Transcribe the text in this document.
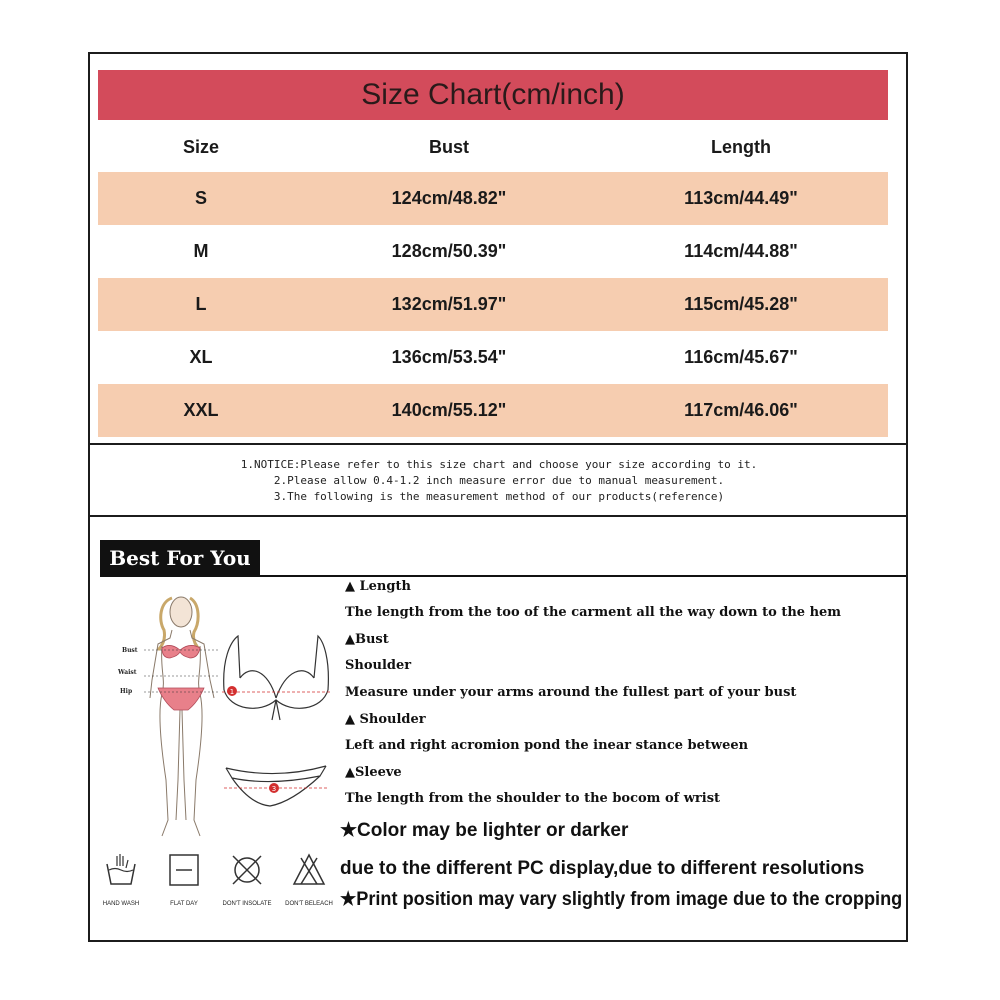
Size Chart(cm/inch)
Size	Bust	Length
S	124cm/48.82"	113cm/44.49"
M	128cm/50.39"	114cm/44.88"
L	132cm/51.97"	115cm/45.28"
XL	136cm/53.54"	116cm/45.67"
XXL	140cm/55.12"	117cm/46.06"
1.NOTICE:Please refer to this size chart and choose your size according to it.
2.Please allow 0.4-1.2 inch measure error due to manual measurement.
3.The following is the measurement method of our products(reference)
Best For You
Bust
Waist
Hip	1
3
▲ Length
The length from the too of the carment all the way down to the hem
▲Bust
Shoulder
Measure under your arms around the fullest part of your bust
▲ Shoulder
Left and right acromion pond the inear stance between
▲Sleeve
The length from the shoulder to the bocom of wrist
★Color may be lighter or darker
due to the different PC display,due to different resolutions
★Print position may vary slightly from image due to the cropping
HAND WASH	FLAT DAY	DON'T INSOLATE	DON'T BELEACH
